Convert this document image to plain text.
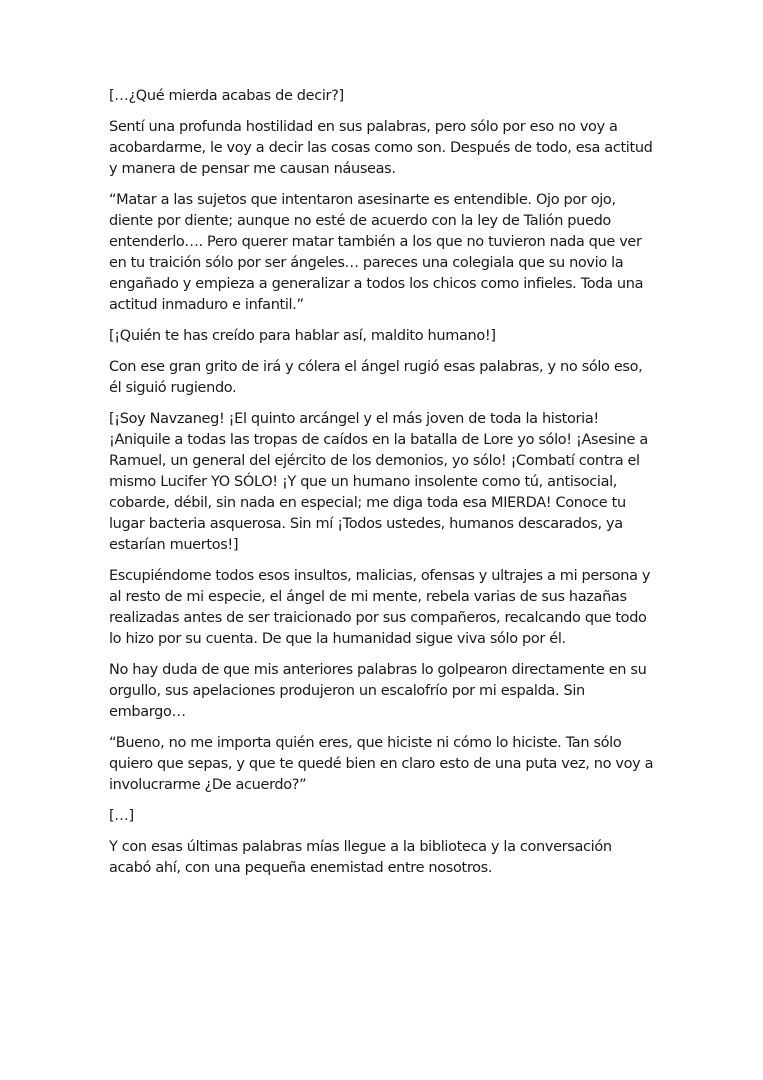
[…¿Qué mierda acabas de decir?]

Sentí una profunda hostilidad en sus palabras, pero sólo por eso no voy a acobardarme, le voy a decir las cosas como son. Después de todo, esa actitud y manera de pensar me causan náuseas.

“Matar a las sujetos que intentaron asesinarte es entendible. Ojo por ojo, diente por diente; aunque no esté de acuerdo con la ley de Talión puedo entenderlo…. Pero querer matar también a los que no tuvieron nada que ver en tu traición sólo por ser ángeles… pareces una colegiala que su novio la engañado y empieza a generalizar a todos los chicos como infieles. Toda una actitud inmaduro e infantil.”

[¡Quién te has creído para hablar así, maldito humano!]

Con ese gran grito de irá y cólera el ángel rugió esas palabras, y no sólo eso, él siguió rugiendo.

[¡Soy Navzaneg! ¡El quinto arcángel y el más joven de toda la historia! ¡Aniquile a todas las tropas de caídos en la batalla de Lore yo sólo! ¡Asesine a Ramuel, un general del ejército de los demonios, yo sólo! ¡Combatí contra el mismo Lucifer YO SÓLO! ¡Y que un humano insolente como tú, antisocial, cobarde, débil, sin nada en especial; me diga toda esa MIERDA! Conoce tu lugar bacteria asquerosa. Sin mí ¡Todos ustedes, humanos descarados, ya estarían muertos!]

Escupiéndome todos esos insultos, malicias, ofensas y ultrajes a mi persona y al resto de mi especie, el ángel de mi mente, rebela varias de sus hazañas realizadas antes de ser traicionado por sus compañeros, recalcando que todo lo hizo por su cuenta. De que la humanidad sigue viva sólo por él.

No hay duda de que mis anteriores palabras lo golpearon directamente en su orgullo, sus apelaciones produjeron un escalofrío por mi espalda. Sin embargo…

“Bueno, no me importa quién eres, que hiciste ni cómo lo hiciste. Tan sólo quiero que sepas, y que te quedé bien en claro esto de una puta vez, no voy a involucrarme ¿De acuerdo?”

[…]

Y con esas últimas palabras mías llegue a la biblioteca y la conversación acabó ahí, con una pequeña enemistad entre nosotros.
